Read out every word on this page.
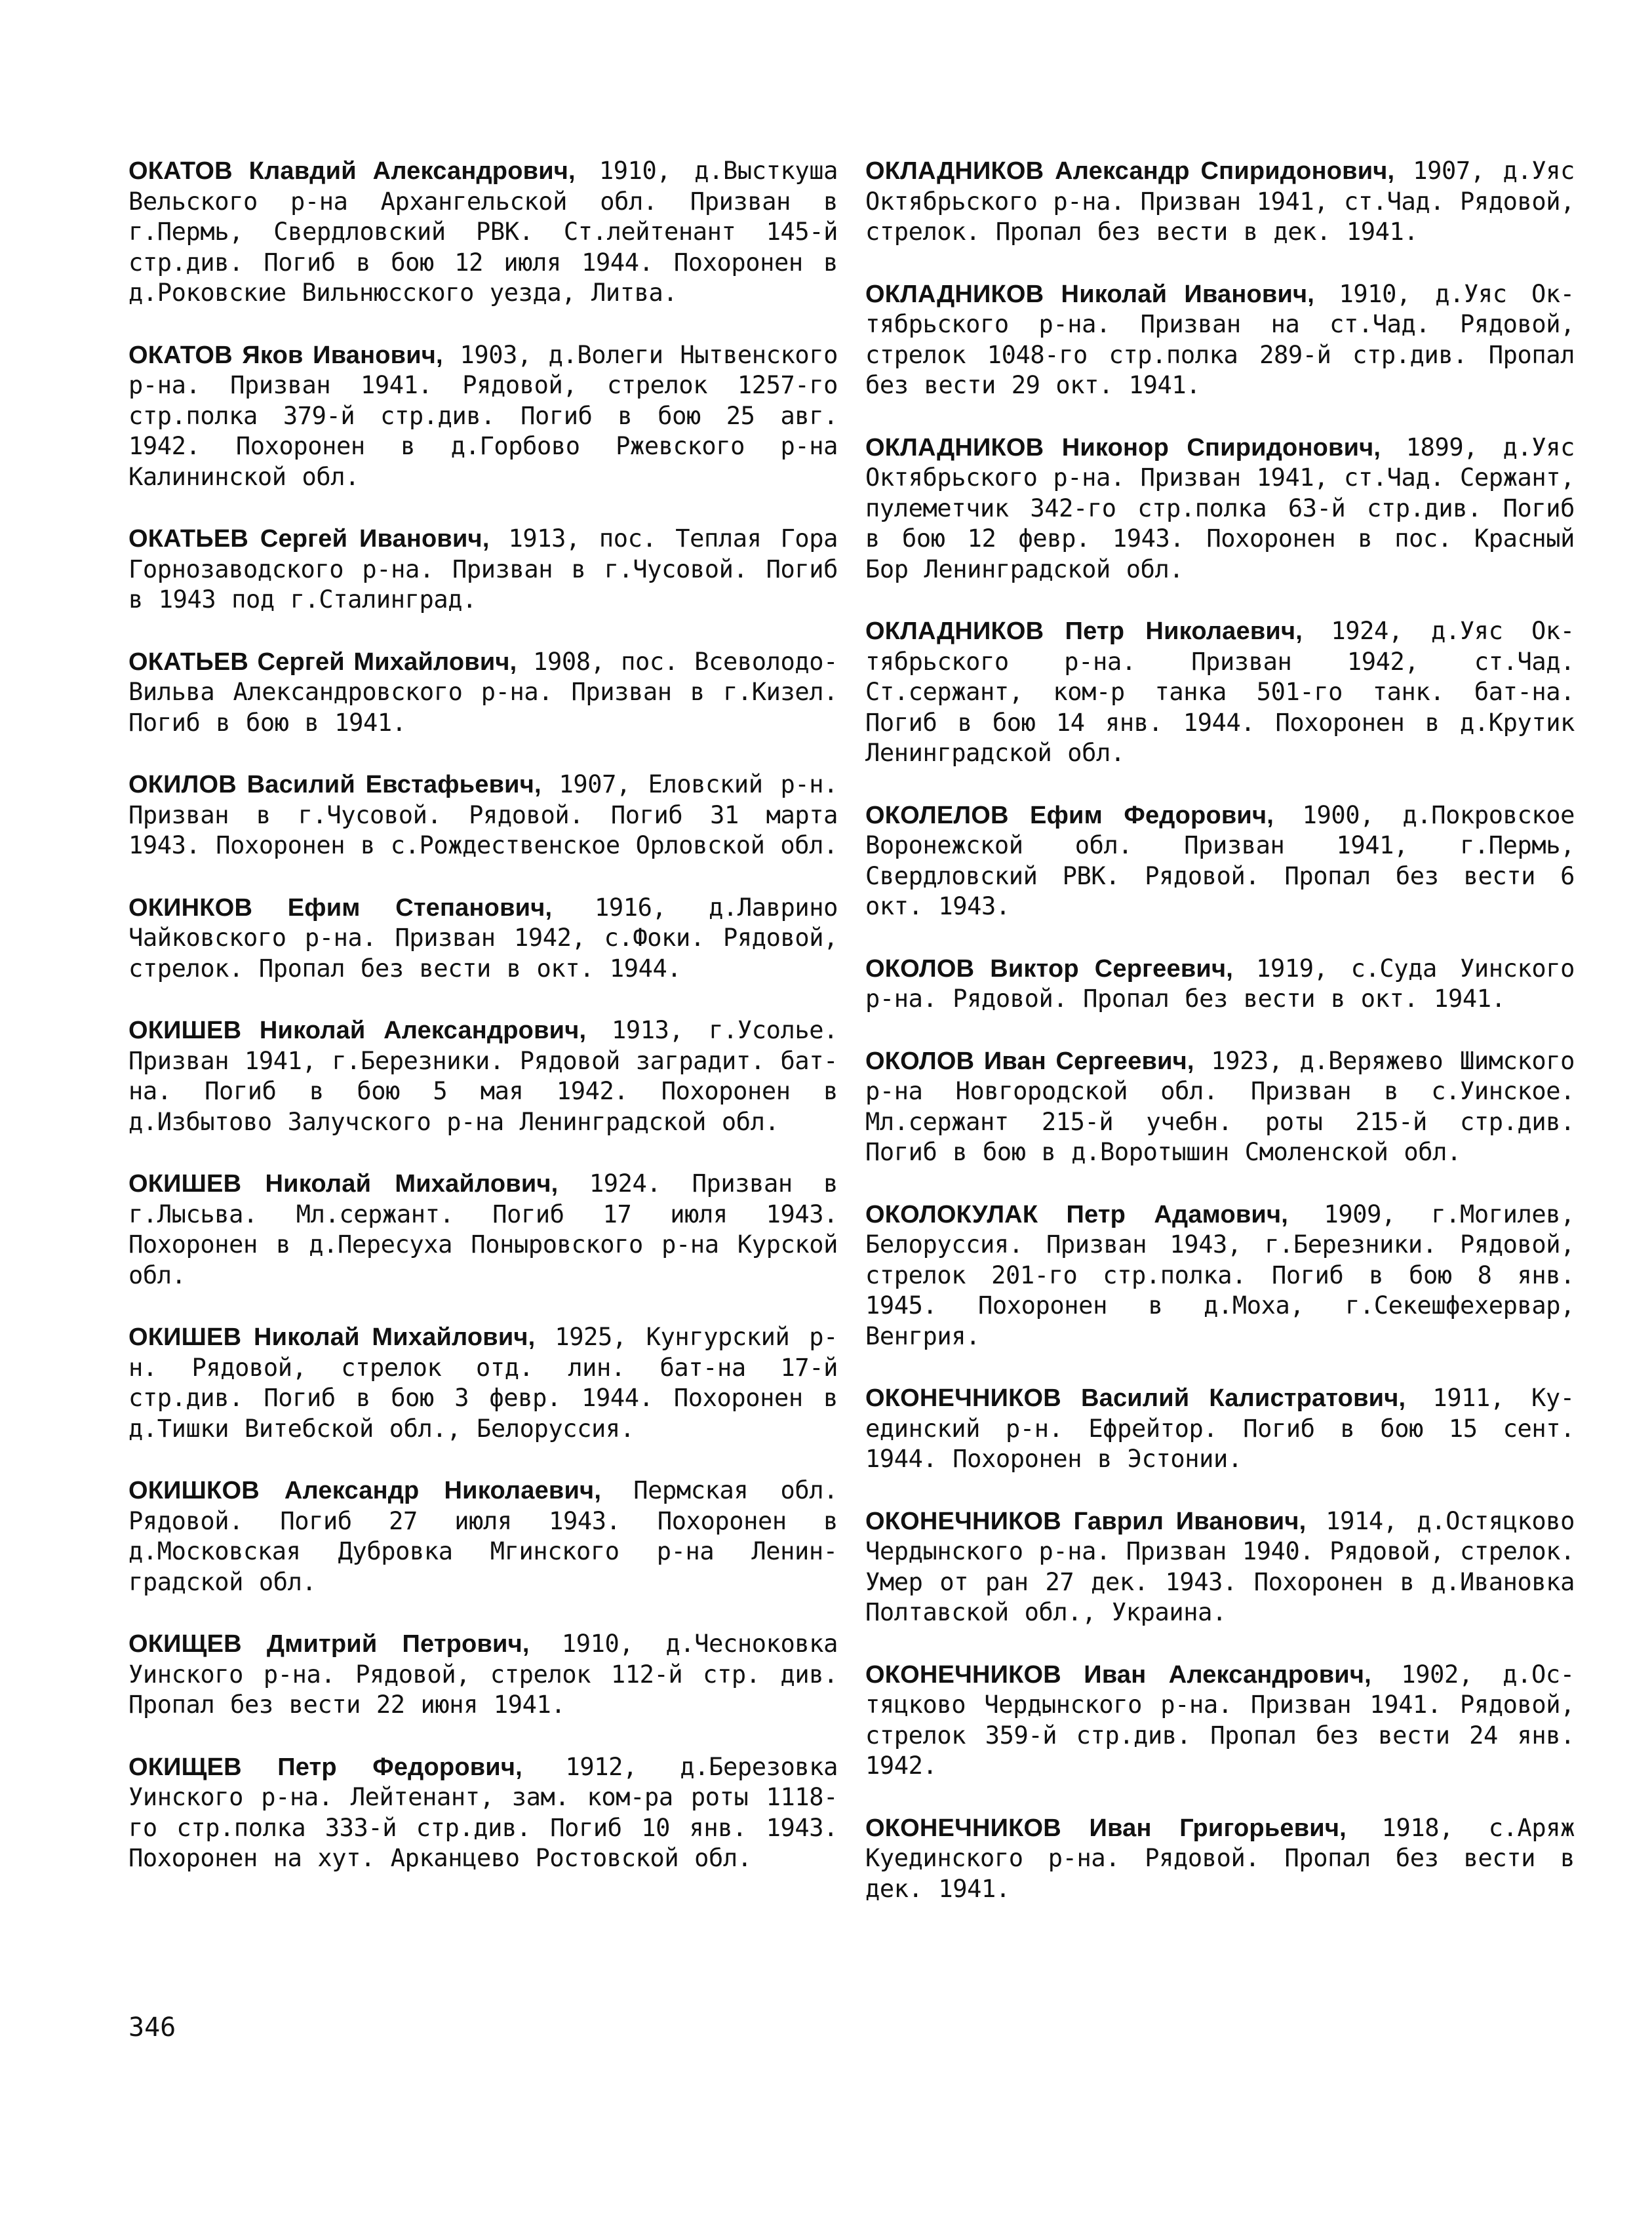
ОКАТОВ Клавдий Александрович, 1910, д.Высткуша Вельского р-на Архангельской обл. Призван в г.Пермь, Свердловский РВК. Ст.лейтенант 145-й стр.див. Погиб в бою 12 июля 1944. Похоронен в д.Роковские Вильнюсского уезда, Литва.

ОКАТОВ Яков Иванович, 1903, д.Волеги Нытвенского р-на. Призван 1941. Рядовой, стрелок 1257-го стр.полка 379-й стр.див. Погиб в бою 25 авг. 1942. Похоронен в д.Горбово Ржевского р-на Калининской обл.

ОКАТЬЕВ Сергей Иванович, 1913, пос. Теплая Гора Горнозаводского р-на. Призван в г.Чусовой. Погиб в 1943 под г.Сталинград.

ОКАТЬЕВ Сергей Михайлович, 1908, пос. Всеволодо-Вильва Александровского р-на. Призван в г.Кизел. Погиб в бою в 1941.

ОКИЛОВ Василий Евстафьевич, 1907, Еловский р-н. Призван в г.Чусовой. Рядовой. Погиб 31 марта 1943. Похоронен в с.Рождественское Орловской обл.

ОКИНКОВ Ефим Степанович, 1916, д.Лаврино Чайковского р-на. Призван 1942, с.Фоки. Рядовой, стрелок. Пропал без вести в окт. 1944.

ОКИШЕВ Николай Александрович, 1913, г.Усолье. Призван 1941, г.Березники. Рядовой заградит. бат-на. Погиб в бою 5 мая 1942. Похоронен в д.Избытово Залучского р-на Ленинградской обл.

ОКИШЕВ Николай Михайлович, 1924. Призван в г.Лысьва. Мл.сержант. Погиб 17 июля 1943. Похоронен в д.Пересуха Поныровского р-на Курской обл.

ОКИШЕВ Николай Михайлович, 1925, Кунгурский р-н. Рядовой, стрелок отд. лин. бат-на 17-й стр.див. Погиб в бою 3 февр. 1944. Похоронен в д.Тишки Витебской обл., Белоруссия.

ОКИШКОВ Александр Николаевич, Пермская обл. Рядовой. Погиб 27 июля 1943. Похоронен в д.Московская Дубровка Мгинского р-на Ленинградской обл.

ОКИЩЕВ Дмитрий Петрович, 1910, д.Чесноковка Уинского р-на. Рядовой, стрелок 112-й стр. див. Пропал без вести 22 июня 1941.

ОКИЩЕВ Петр Федорович, 1912, д.Березовка Уинского р-на. Лейтенант, зам. ком-ра роты 1118-го стр.полка 333-й стр.див. Погиб 10 янв. 1943. Похоронен на хут. Арканцево Ростовской обл.

ОКЛАДНИКОВ Александр Спиридонович, 1907, д.Уяс Октябрьского р-на. Призван 1941, ст.Чад. Рядовой, стрелок. Пропал без вести в дек. 1941.

ОКЛАДНИКОВ Николай Иванович, 1910, д.Уяс Октябрьского р-на. Призван на ст.Чад. Рядовой, стрелок 1048-го стр.полка 289-й стр.див. Пропал без вести 29 окт. 1941.

ОКЛАДНИКОВ Никонор Спиридонович, 1899, д.Уяс Октябрьского р-на. Призван 1941, ст.Чад. Сержант, пулеметчик 342-го стр.полка 63-й стр.див. Погиб в бою 12 февр. 1943. Похоронен в пос. Красный Бор Ленинградской обл.

ОКЛАДНИКОВ Петр Николаевич, 1924, д.Уяс Октябрьского р-на. Призван 1942, ст.Чад. Ст.сержант, ком-р танка 501-го танк. бат-на. Погиб в бою 14 янв. 1944. Похоронен в д.Крутик Ленинградской обл.

ОКОЛЕЛОВ Ефим Федорович, 1900, д.Покровское Воронежской обл. Призван 1941, г.Пермь, Свердловский РВК. Рядовой. Пропал без вести 6 окт. 1943.

ОКОЛОВ Виктор Сергеевич, 1919, с.Суда Уинского р-на. Рядовой. Пропал без вести в окт. 1941.

ОКОЛОВ Иван Сергеевич, 1923, д.Веряжево Шимского р-на Новгородской обл. Призван в с.Уинское. Мл.сержант 215-й учебн. роты 215-й стр.див. Погиб в бою в д.Воротышин Смоленской обл.

ОКОЛОКУЛАК Петр Адамович, 1909, г.Могилев, Белоруссия. Призван 1943, г.Березники. Рядовой, стрелок 201-го стр.полка. Погиб в бою 8 янв. 1945. Похоронен в д.Моха, г.Секешфехервар, Венгрия.

ОКОНЕЧНИКОВ Василий Калистратович, 1911, Куединский р-н. Ефрейтор. Погиб в бою 15 сент. 1944. Похоронен в Эстонии.

ОКОНЕЧНИКОВ Гаврил Иванович, 1914, д.Остяцково Чердынского р-на. Призван 1940. Рядовой, стрелок. Умер от ран 27 дек. 1943. Похоронен в д.Ивановка Полтавской обл., Украина.

ОКОНЕЧНИКОВ Иван Александрович, 1902, д.Остяцково Чердынского р-на. Призван 1941. Рядовой, стрелок 359-й стр.див. Пропал без вести 24 янв. 1942.

ОКОНЕЧНИКОВ Иван Григорьевич, 1918, с.Аряж Куединского р-на. Рядовой. Пропал без вести в дек. 1941.

346
